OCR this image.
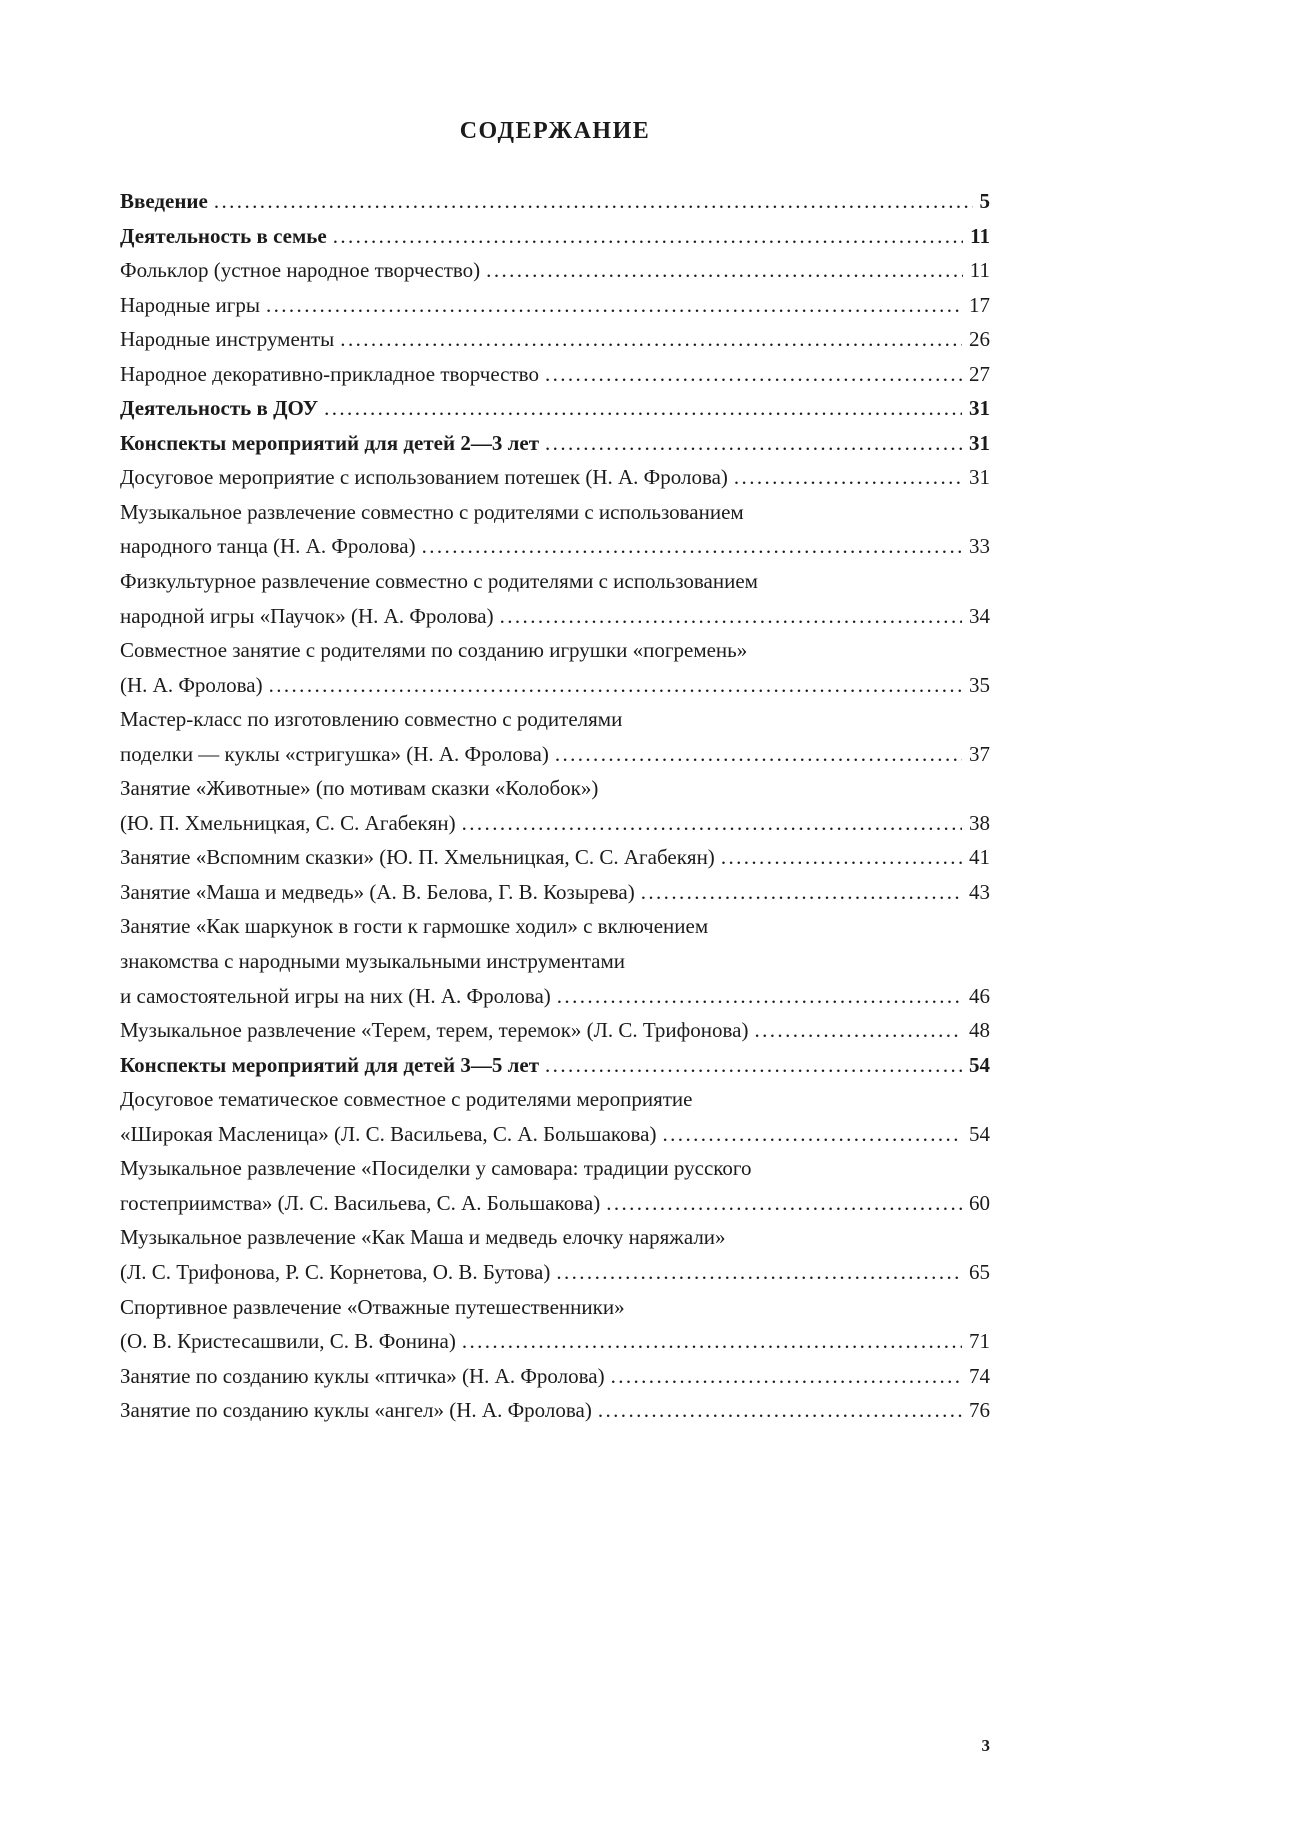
СОДЕРЖАНИЕ
Введение .....	5
Деятельность в семье .....	11
Фольклор (устное народное творчество) .....	11
Народные игры .....	17
Народные инструменты .....	26
Народное декоративно-прикладное творчество .....	27
Деятельность в ДОУ .....	31
Конспекты мероприятий для детей 2—3 лет .....	31
Досуговое мероприятие с использованием потешек (Н. А. Фролова) .....	31
Музыкальное развлечение совместно с родителями с использованием
народного танца (Н. А. Фролова) .....	33
Физкультурное развлечение совместно с родителями с использованием
народной игры «Паучок» (Н. А. Фролова) .....	34
Совместное занятие с родителями по созданию игрушки «погремень»
(Н. А. Фролова) .....	35
Мастер-класс по изготовлению совместно с родителями
поделки — куклы «стригушка» (Н. А. Фролова) .....	37
Занятие «Животные» (по мотивам сказки «Колобок»)
(Ю. П. Хмельницкая, С. С. Агабекян) .....	38
Занятие «Вспомним сказки» (Ю. П. Хмельницкая, С. С. Агабекян) .....	41
Занятие «Маша и медведь» (А. В. Белова, Г. В. Козырева) .....	43
Занятие «Как шаркунок в гости к гармошке ходил» с включением
знакомства с народными музыкальными инструментами
и самостоятельной игры на них (Н. А. Фролова) .....	46
Музыкальное развлечение «Терем, терем, теремок» (Л. С. Трифонова) .....	48
Конспекты мероприятий для детей 3—5 лет .....	54
Досуговое тематическое совместное с родителями мероприятие
«Широкая Масленица» (Л. С. Васильева, С. А. Большакова) .....	54
Музыкальное развлечение «Посиделки у самовара: традиции русского
гостеприимства» (Л. С. Васильева, С. А. Большакова) .....	60
Музыкальное развлечение «Как Маша и медведь елочку наряжали»
(Л. С. Трифонова, Р. С. Корнетова, О. В. Бутова) .....	65
Спортивное развлечение «Отважные путешественники»
(О. В. Кристесашвили, С. В. Фонина) .....	71
Занятие по созданию куклы «птичка» (Н. А. Фролова) .....	74
Занятие по созданию куклы «ангел» (Н. А. Фролова) .....	76
3
